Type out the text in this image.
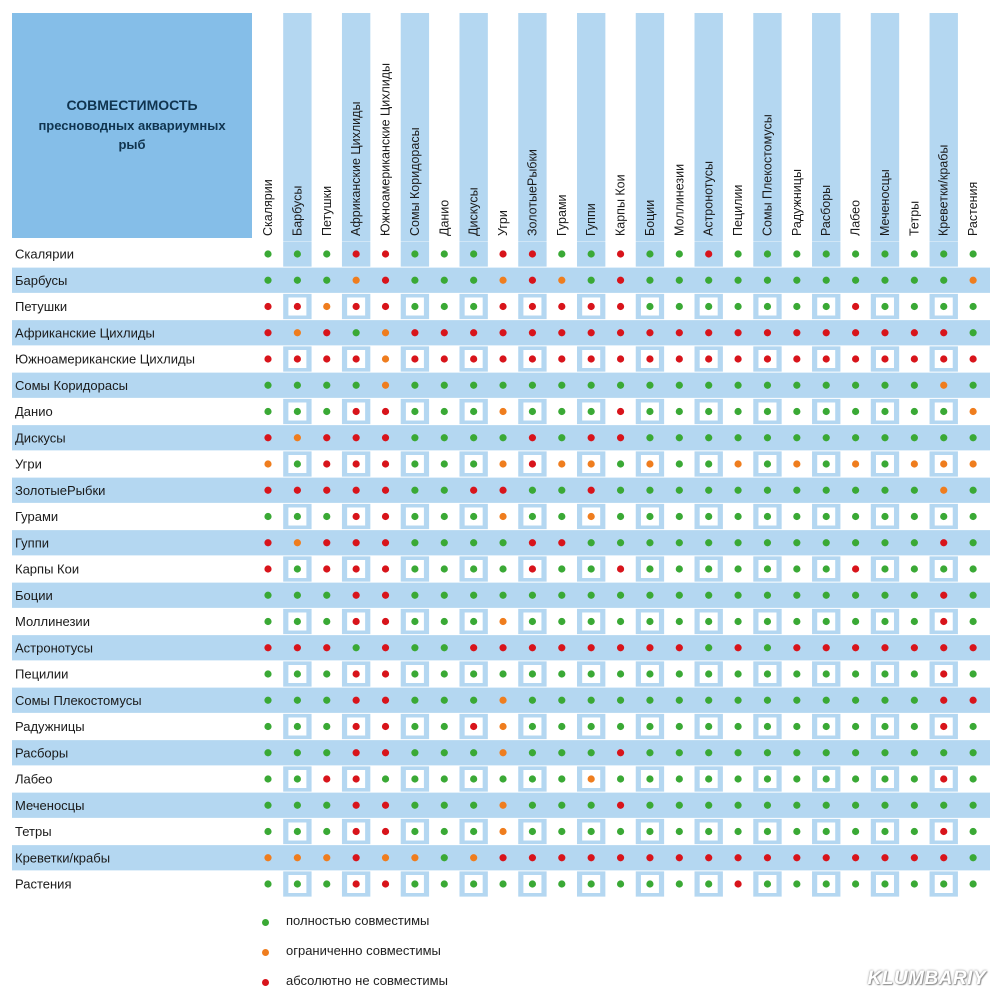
СОВМЕСТИМОСТЬ
пресноводных аквариумных рыб
Скалярии Барбусы Петушки Африканские Цихлиды Южноамериканские Цихлиды Сомы Коридорасы Данио Дискусы Угри ЗолотыеРыбки Гурами Гуппи Карпы Кои Боции Моллинезии Астронотусы Пецилии Сомы Плекостомусы Радужницы Расборы Лабео Меченосцы Тетры Креветки/крабы Растения
Скалярии
Барбусы
Петушки
Африканские Цихлиды
Южноамериканские Цихлиды
Сомы Коридорасы
Данио
Дискусы
Угри
ЗолотыеРыбки
Гурами
Гуппи
Карпы Кои
Боции
Моллинезии
Астронотусы
Пецилии
Сомы Плекостомусы
Радужницы
Расборы
Лабео
Меченосцы
Тетры
Креветки/крабы
Растения
полностью совместимы
ограниченно совместимы
абсолютно не совместимы	KLUMBARIY
